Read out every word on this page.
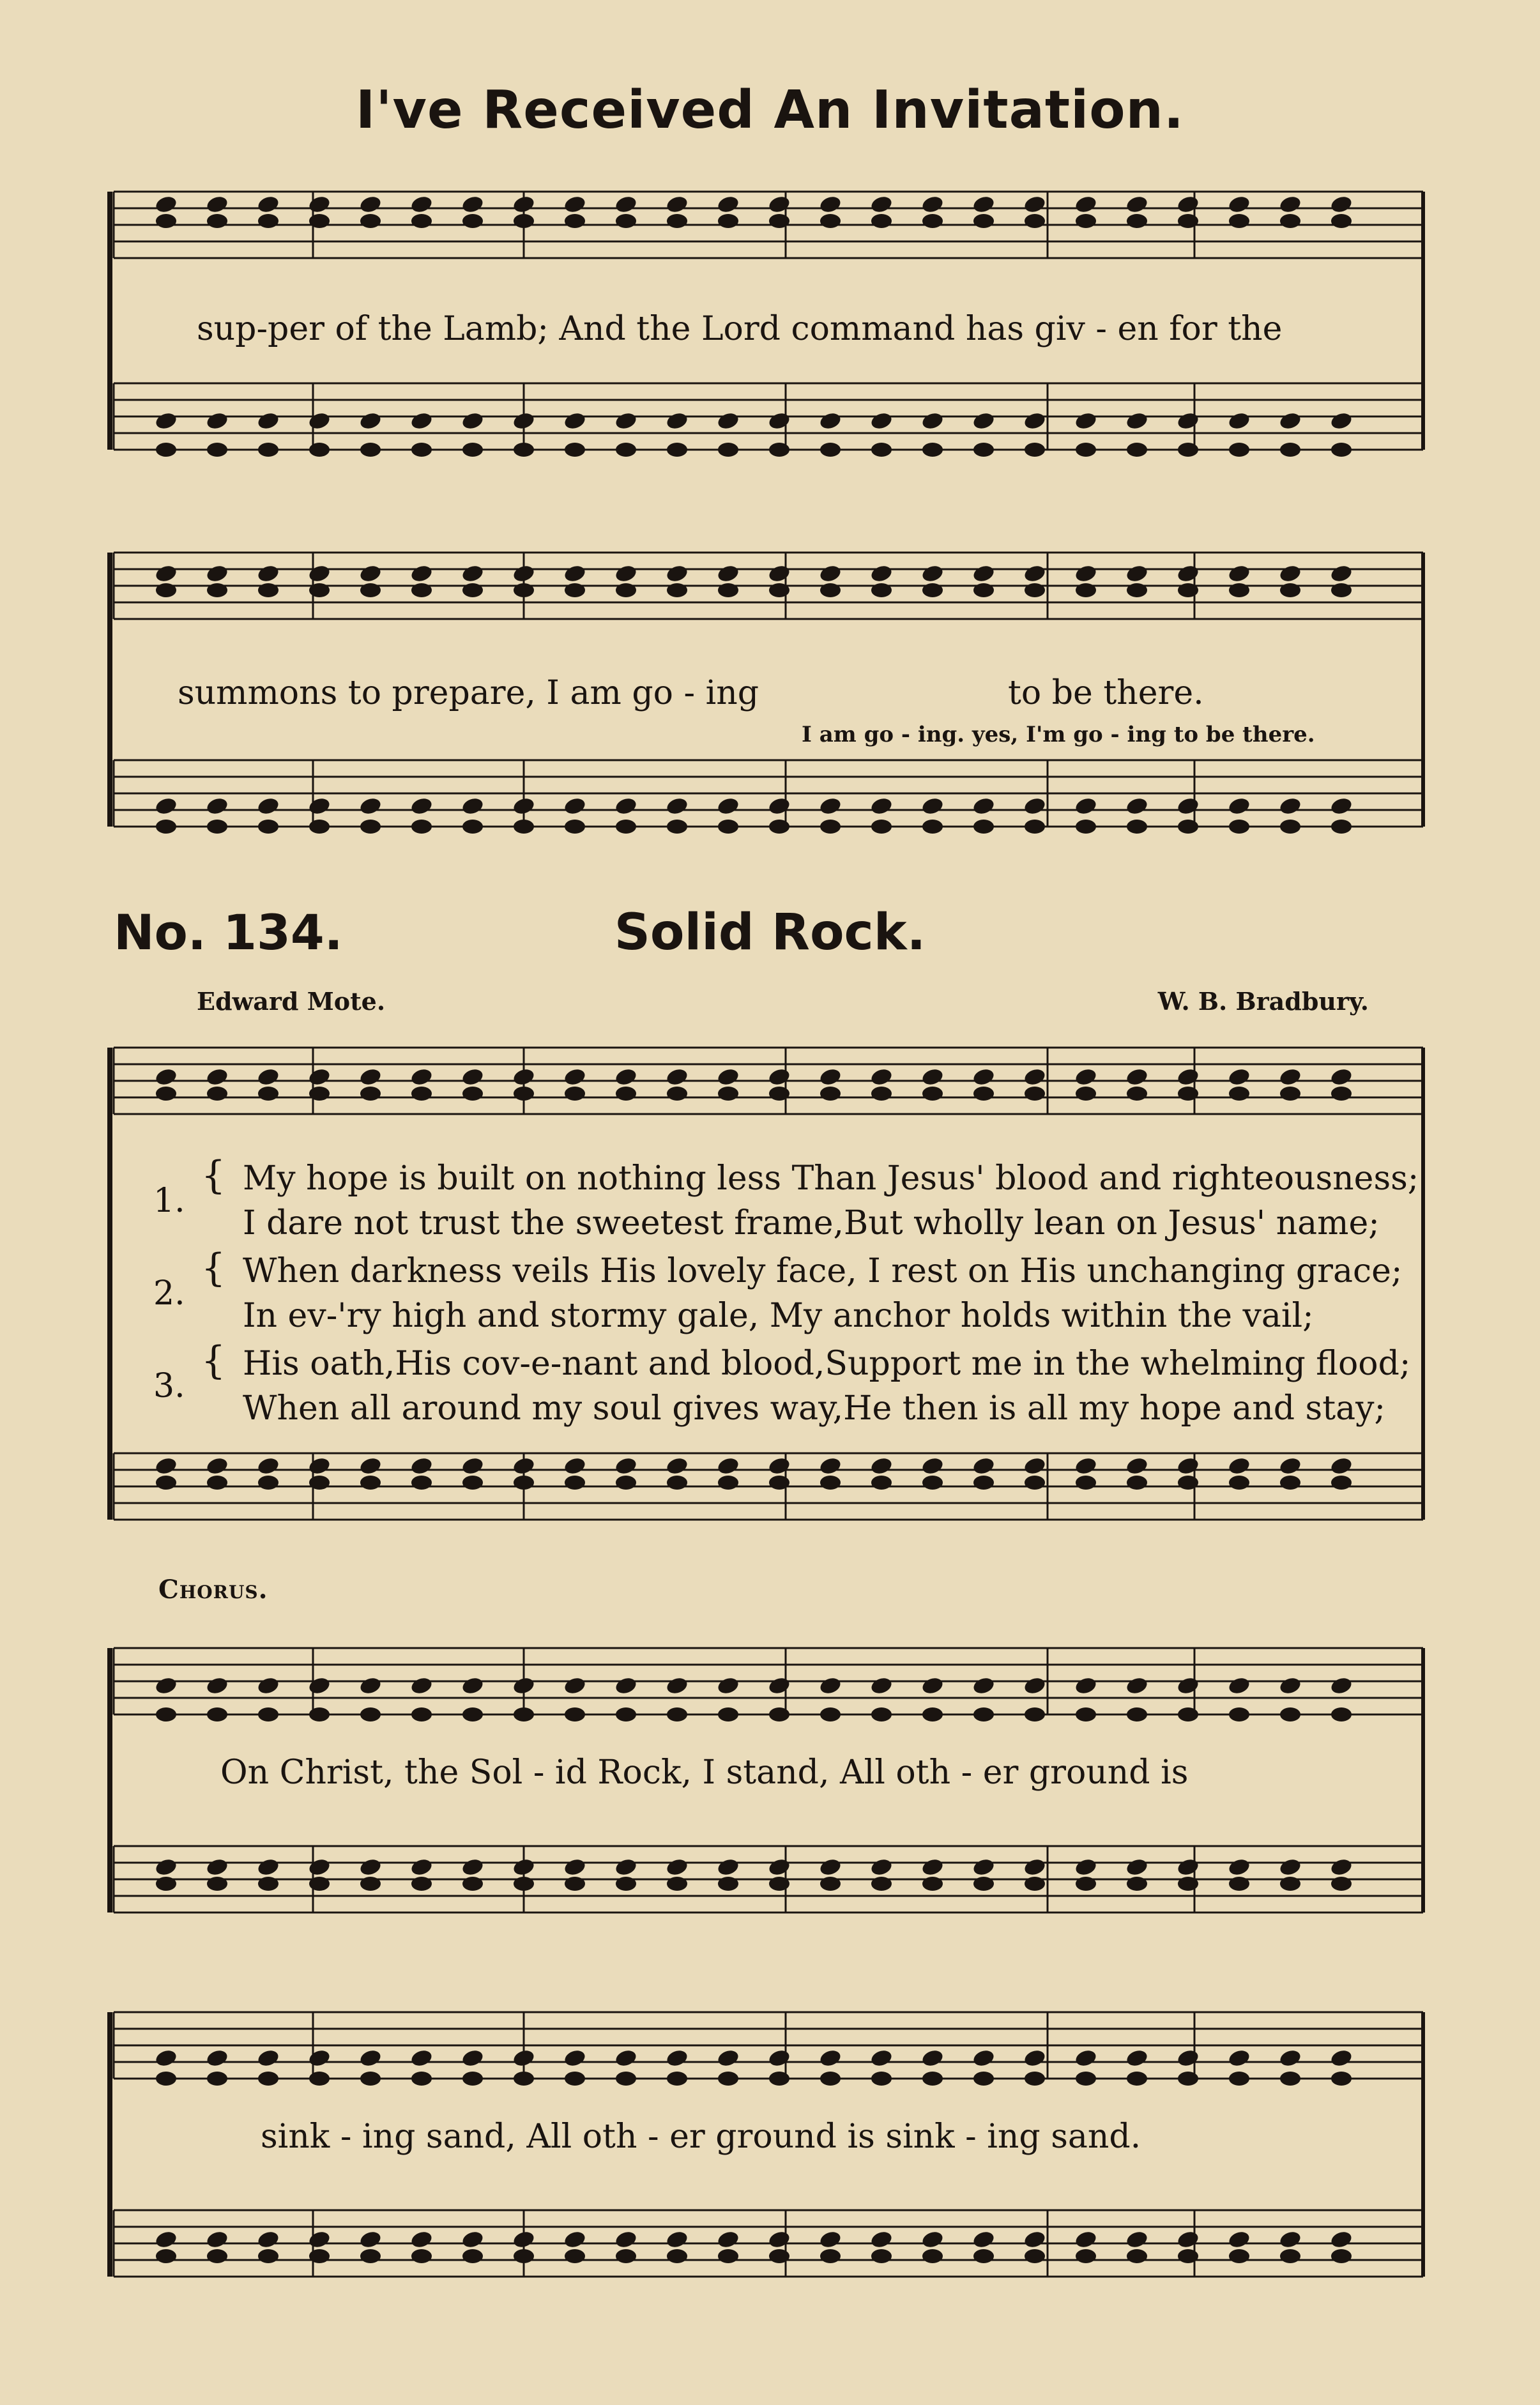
I've Received An Invitation.
sup-per of the Lamb; And the Lord command has giv - en for the
summons to prepare, I am go - ing	to be there.
I am go - ing. yes, I'm go - ing to be there.
No. 134.	Solid Rock.
Edward Mote.	W. B. Bradbury.
1.
{ My hope is built on nothing less Than Jesus' blood and righteousness;
I dare not trust the sweetest frame,But wholly lean on Jesus' name;
2.
{ When darkness veils His lovely face, I rest on His unchanging grace;
In ev-'ry high and stormy gale, My anchor holds within the vail;
3.
{ His oath,His cov-e-nant and blood,Support me in the whelming flood;
When all around my soul gives way,He then is all my hope and stay;
Chorus.
On Christ, the Sol - id Rock, I stand, All oth - er ground is
sink - ing sand, All oth - er ground is sink - ing sand.
